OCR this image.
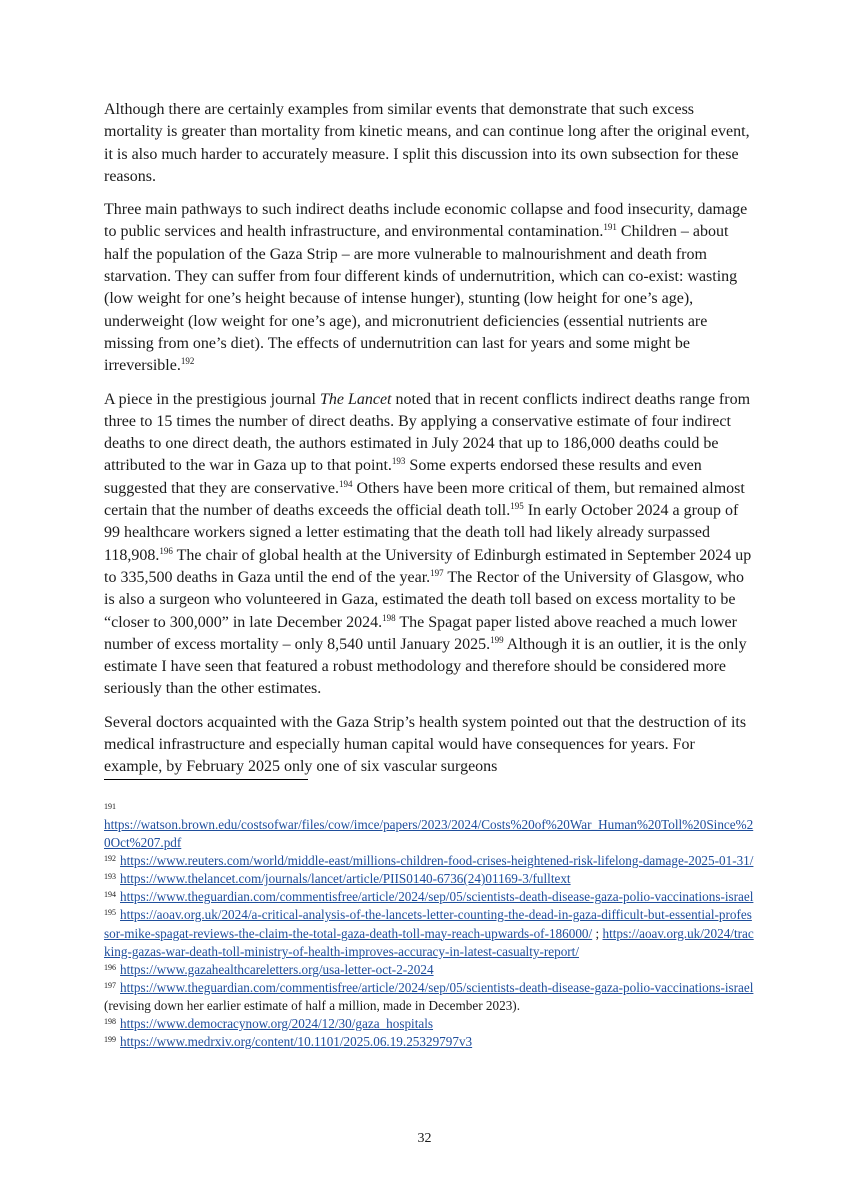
Although there are certainly examples from similar events that demonstrate that such excess mortality is greater than mortality from kinetic means, and can continue long after the original event, it is also much harder to accurately measure. I split this discussion into its own subsection for these reasons.

Three main pathways to such indirect deaths include economic collapse and food insecurity, damage to public services and health infrastructure, and environmental contamination.$^{191}$ Children – about half the population of the Gaza Strip – are more vulnerable to malnourishment and death from starvation. They can suffer from four different kinds of undernutrition, which can co-exist: wasting (low weight for one’s height because of intense hunger), stunting (low height for one’s age), underweight (low weight for one’s age), and micronutrient deficiencies (essential nutrients are missing from one’s diet). The effects of undernutrition can last for years and some might be irreversible.$^{192}$

A piece in the prestigious journal The Lancet noted that in recent conflicts indirect deaths range from three to 15 times the number of direct deaths. By applying a conservative estimate of four indirect deaths to one direct death, the authors estimated in July 2024 that up to 186,000 deaths could be attributed to the war in Gaza up to that point.$^{193}$ Some experts endorsed these results and even suggested that they are conservative.$^{194}$ Others have been more critical of them, but remained almost certain that the number of deaths exceeds the official death toll.$^{195}$ In early October 2024 a group of 99 healthcare workers signed a letter estimating that the death toll had likely already surpassed 118,908.$^{196}$ The chair of global health at the University of Edinburgh estimated in September 2024 up to 335,500 deaths in Gaza until the end of the year.$^{197}$ The Rector of the University of Glasgow, who is also a surgeon who volunteered in Gaza, estimated the death toll based on excess mortality to be “closer to 300,000” in late December 2024.$^{198}$ The Spagat paper listed above reached a much lower number of excess mortality – only 8,540 until January 2025.$^{199}$ Although it is an outlier, it is the only estimate I have seen that featured a robust methodology and therefore should be considered more seriously than the other estimates.

Several doctors acquainted with the Gaza Strip’s health system pointed out that the destruction of its medical infrastructure and especially human capital would have consequences for years. For example, by February 2025 only one of six vascular surgeons

191
https://watson.brown.edu/costsofwar/files/cow/imce/papers/2023/2024/Costs%20of%20War_Human%20Toll%20Since%20Oct%207.pdf
$^{192}$ https://www.reuters.com/world/middle-east/millions-children-food-crises-heightened-risk-lifelong-damage-2025-01-31/
$^{193}$ https://www.thelancet.com/journals/lancet/article/PIIS0140-6736(24)01169-3/fulltext
$^{194}$ https://www.theguardian.com/commentisfree/article/2024/sep/05/scientists-death-disease-gaza-polio-vaccinations-israel
$^{195}$ https://aoav.org.uk/2024/a-critical-analysis-of-the-lancets-letter-counting-the-dead-in-gaza-difficult-but-essential-professor-mike-spagat-reviews-the-claim-the-total-gaza-death-toll-may-reach-upwards-of-186000/ ; https://aoav.org.uk/2024/tracking-gazas-war-death-toll-ministry-of-health-improves-accuracy-in-latest-casualty-report/
$^{196}$ https://www.gazahealthcareletters.org/usa-letter-oct-2-2024
$^{197}$ https://www.theguardian.com/commentisfree/article/2024/sep/05/scientists-death-disease-gaza-polio-vaccinations-israel (revising down her earlier estimate of half a million, made in December 2023).
$^{198}$ https://www.democracynow.org/2024/12/30/gaza_hospitals
$^{199}$ https://www.medrxiv.org/content/10.1101/2025.06.19.25329797v3
32
